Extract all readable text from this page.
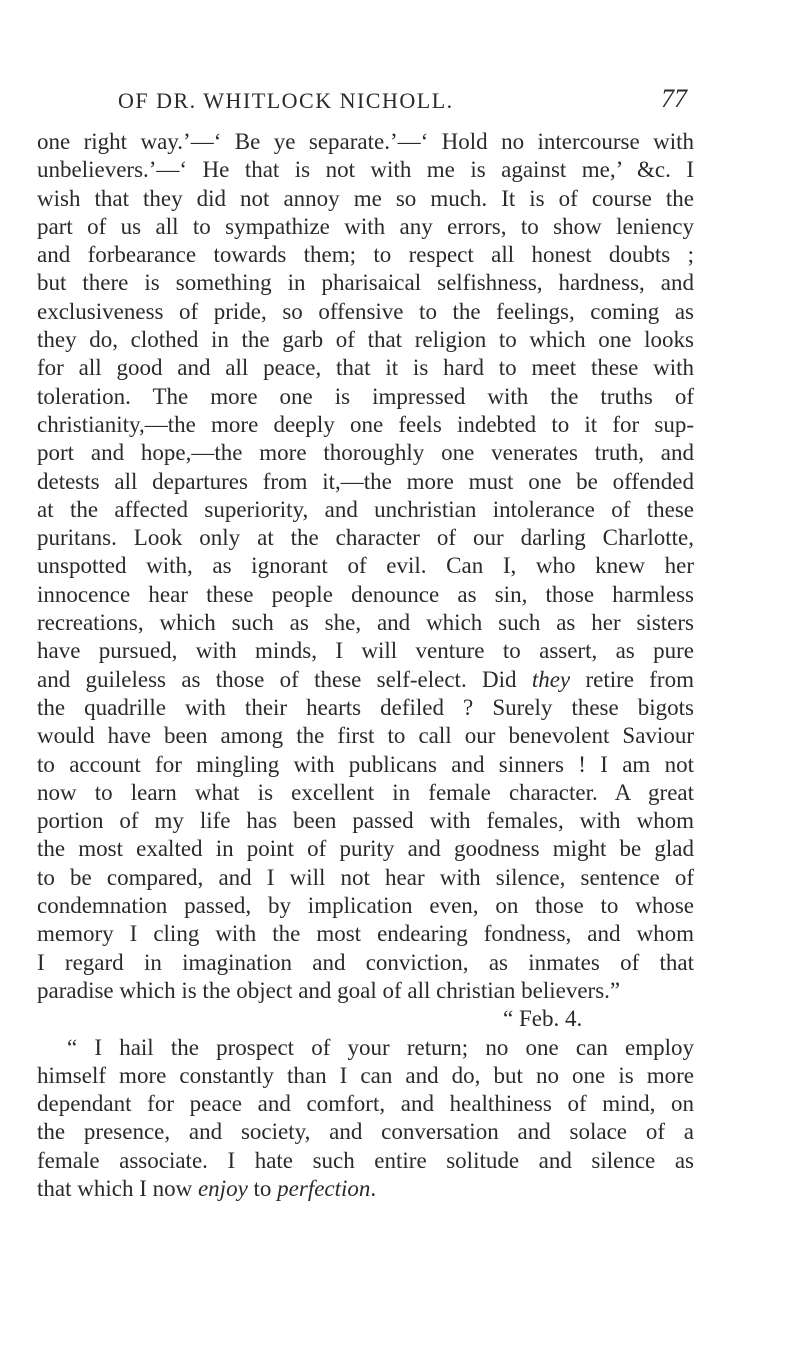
OF DR. WHITLOCK NICHOLL.	77
one right way.’—‘ Be ye separate.’—‘ Hold no intercourse with
unbelievers.’—‘ He that is not with me is against me,’ &c. I
wish that they did not annoy me so much. It is of course the
part of us all to sympathize with any errors, to show leniency
and forbearance towards them; to respect all honest doubts ;
but there is something in pharisaical selfishness, hardness, and
exclusiveness of pride, so offensive to the feelings, coming as
they do, clothed in the garb of that religion to which one looks
for all good and all peace, that it is hard to meet these with
toleration. The more one is impressed with the truths of
christianity,—the more deeply one feels indebted to it for sup-
port and hope,—the more thoroughly one venerates truth, and
detests all departures from it,—the more must one be offended
at the affected superiority, and unchristian intolerance of these
puritans. Look only at the character of our darling Charlotte,
unspotted with, as ignorant of evil. Can I, who knew her
innocence hear these people denounce as sin, those harmless
recreations, which such as she, and which such as her sisters
have pursued, with minds, I will venture to assert, as pure
and guileless as those of these self-elect. Did they retire from
the quadrille with their hearts defiled ? Surely these bigots
would have been among the first to call our benevolent Saviour
to account for mingling with publicans and sinners ! I am not
now to learn what is excellent in female character. A great
portion of my life has been passed with females, with whom
the most exalted in point of purity and goodness might be glad
to be compared, and I will not hear with silence, sentence of
condemnation passed, by implication even, on those to whose
memory I cling with the most endearing fondness, and whom
I regard in imagination and conviction, as inmates of that
paradise which is the object and goal of all christian believers.”
“ Feb. 4.
“ I hail the prospect of your return; no one can employ
himself more constantly than I can and do, but no one is more
dependant for peace and comfort, and healthiness of mind, on
the presence, and society, and conversation and solace of a
female associate. I hate such entire solitude and silence as
that which I now enjoy to perfection.
